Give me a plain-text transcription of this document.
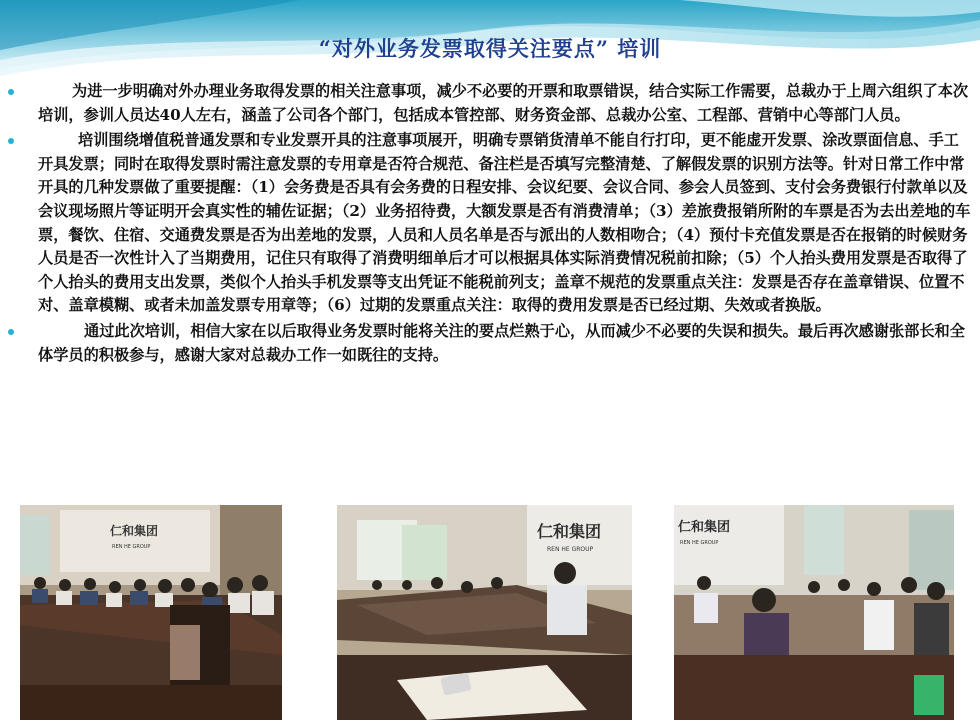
“对外业务发票取得关注要点” 培训

为进一步明确对外办理业务取得发票的相关注意事项，减少不必要的开票和取票错误，结合实际工作需要，总裁办于上周六组织了本次培训，参训人员达40人左右，涵盖了公司各个部门，包括成本管控部、财务资金部、总裁办公室、工程部、营销中心等部门人员。

培训围绕增值税普通发票和专业发票开具的注意事项展开，明确专票销货清单不能自行打印，更不能虚开发票、涂改票面信息、手工开具发票；同时在取得发票时需注意发票的专用章是否符合规范、备注栏是否填写完整清楚、了解假发票的识别方法等。针对日常工作中常开具的几种发票做了重要提醒：（1）会务费是否具有会务费的日程安排、会议纪要、会议合同、参会人员签到、支付会务费银行付款单以及会议现场照片等证明开会真实性的辅佐证据；（2）业务招待费，大额发票是否有消费清单；（3）差旅费报销所附的车票是否为去出差地的车票，餐饮、住宿、交通费发票是否为出差地的发票，人员和人员名单是否与派出的人数相吻合；（4）预付卡充值发票是否在报销的时候财务人员是否一次性计入了当期费用，记住只有取得了消费明细单后才可以根据具体实际消费情况税前扣除；（5）个人抬头费用发票是否取得了个人抬头的费用支出发票，类似个人抬头手机发票等支出凭证不能税前列支；盖章不规范的发票重点关注：发票是否存在盖章错误、位置不对、盖章模糊、或者未加盖发票专用章等；（6）过期的发票重点关注：取得的费用发票是否已经过期、失效或者换版。

通过此次培训，相信大家在以后取得业务发票时能将关注的要点烂熟于心，从而减少不必要的失误和损失。最后再次感谢张部长和全体学员的积极参与，感谢大家对总裁办工作一如既往的支持。

仁和集团
REN HE GROUP
仁和集团
REN HE GROUP
仁和集团
REN HE GROUP
